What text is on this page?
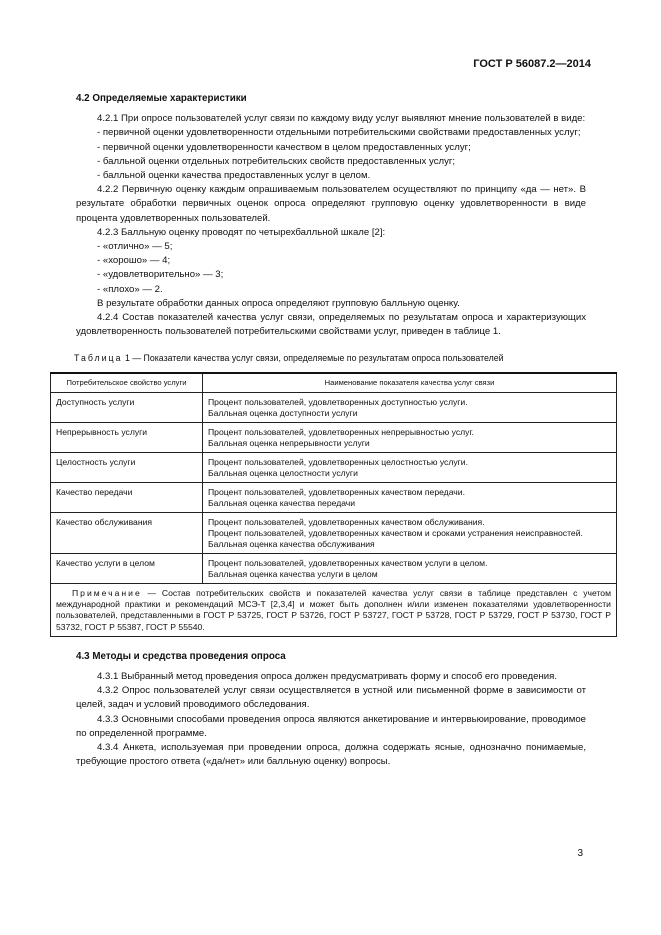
ГОСТ Р 56087.2—2014
4.2 Определяемые характеристики

4.2.1 При опросе пользователей услуг связи по каждому виду услуг выявляют мнение пользователей в виде:

- первичной оценки удовлетворенности отдельными потребительскими свойствами предоставленных услуг;

- первичной оценки удовлетворенности качеством в целом предоставленных услуг;

- балльной оценки отдельных потребительских свойств предоставленных услуг;

- балльной оценки качества предоставленных услуг в целом.

4.2.2 Первичную оценку каждым опрашиваемым пользователем осуществляют по принципу «да — нет». В результате обработки первичных оценок опроса определяют групповую оценку удовлетворенности в виде процента удовлетворенных пользователей.

4.2.3 Балльную оценку проводят по четырехбалльной шкале [2]:

- «отлично» — 5;

- «хорошо» — 4;

- «удовлетворительно» — 3;

- «плохо» — 2.

В результате обработки данных опроса определяют групповую балльную оценку.

4.2.4 Состав показателей качества услуг связи, определяемых по результатам опроса и характеризующих удовлетворенность пользователей потребительскими свойствами услуг, приведен в таблице 1.

Таблица 1 — Показатели качества услуг связи, определяемые по результатам опроса пользователей
Потребительское свойство услуги	Наименование показателя качества услуг связи
Доступность услуги	Процент пользователей, удовлетворенных доступностью услуги.
Балльная оценка доступности услуги

Непрерывность услуги	Процент пользователей, удовлетворенных непрерывностью услуг.
Балльная оценка непрерывности услуги

Целостность услуги	Процент пользователей, удовлетворенных целостностью услуги.
Балльная оценка целостности услуги

Качество передачи	Процент пользователей, удовлетворенных качеством передачи.
Балльная оценка качества передачи

Качество обслуживания	Процент пользователей, удовлетворенных качеством обслуживания.
Процент пользователей, удовлетворенных качеством и сроками устранения неисправностей.
Балльная оценка качества обслуживания

Качество услуги в целом	Процент пользователей, удовлетворенных качеством услуги в целом.
Балльная оценка качества услуги в целом

Примечание — Состав потребительских свойств и показателей качества услуг связи в таблице представлен с учетом международной практики и рекомендаций МСЭ-Т [2,3,4] и может быть дополнен и/или изменен показателями удовлетворенности пользователей, представленными в ГОСТ Р 53725, ГОСТ Р 53726, ГОСТ Р 53727, ГОСТ Р 53728, ГОСТ Р 53729, ГОСТ Р 53730, ГОСТ Р 53732, ГОСТ Р 55387, ГОСТ Р 55540.	
4.3 Методы и средства проведения опроса

4.3.1 Выбранный метод проведения опроса должен предусматривать форму и способ его проведения.

4.3.2 Опрос пользователей услуг связи осуществляется в устной или письменной форме в зависимости от целей, задач и условий проводимого обследования.

4.3.3 Основными способами проведения опроса являются анкетирование и интервьюирование, проводимое по определенной программе.

4.3.4 Анкета, используемая при проведении опроса, должна содержать ясные, однозначно понимаемые, требующие простого ответа («да/нет» или балльную оценку) вопросы.

3
